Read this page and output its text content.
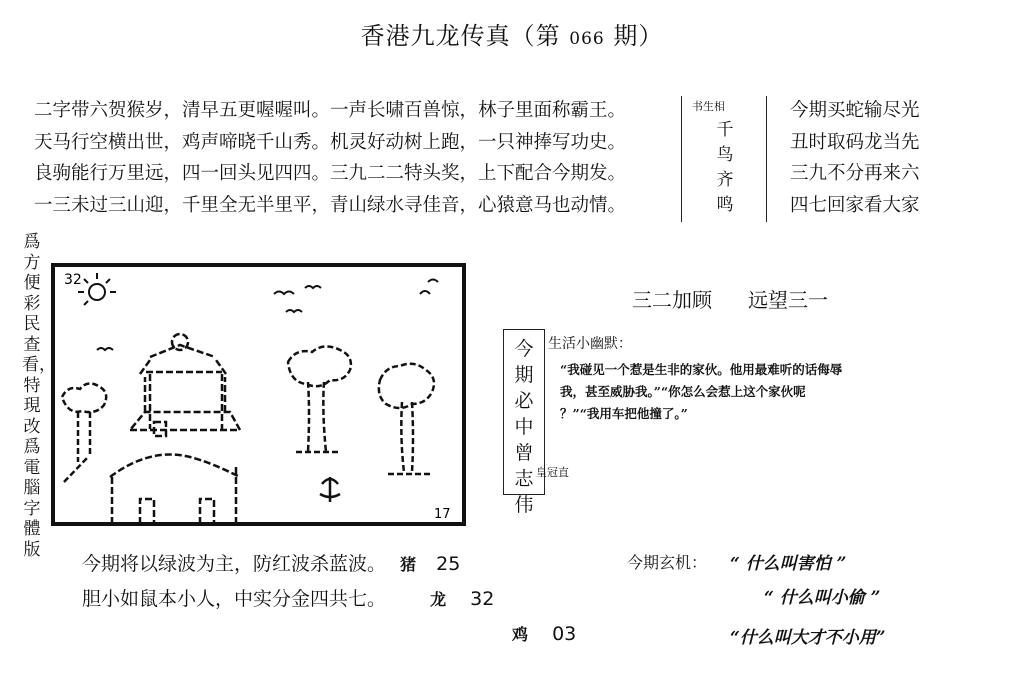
香港九龙传真（第 066 期）
二字带六贺猴岁，清早五更喔喔叫。一声长啸百兽惊，林子里面称霸王。
天马行空横出世，鸡声啼晓千山秀。机灵好动树上跑，一只神捧写功史。
良驹能行万里远，四一回头见四四。三九二二特头奖，上下配合今期发。
一三未过三山迎，千里全无半里平，青山绿水寻佳音，心猿意马也动情。
书生相
千鸟齐鸣
今期买蛇输尽光
丑时取码龙当先
三九不分再来六
四七回家看大家
爲方便彩民查看，特現改爲電腦字體版
32
17
三二加顾 远望三一
今期必中曾志伟
皇冠直
生活小幽默：
“我碰见一个惹是生非的家伙。他用最难听的话侮辱
我，甚至威胁我。”“你怎么会惹上这个家伙呢
？”“我用车把他撞了。”
今期将以绿波为主，防红波杀蓝波。 猪 25
胆小如鼠本小人，中实分金四共七。	龙 32
鸡 03
今期玄机： “ 什么叫害怕 ”
“ 什么叫小偷 ”
“什么叫大才不小用”
